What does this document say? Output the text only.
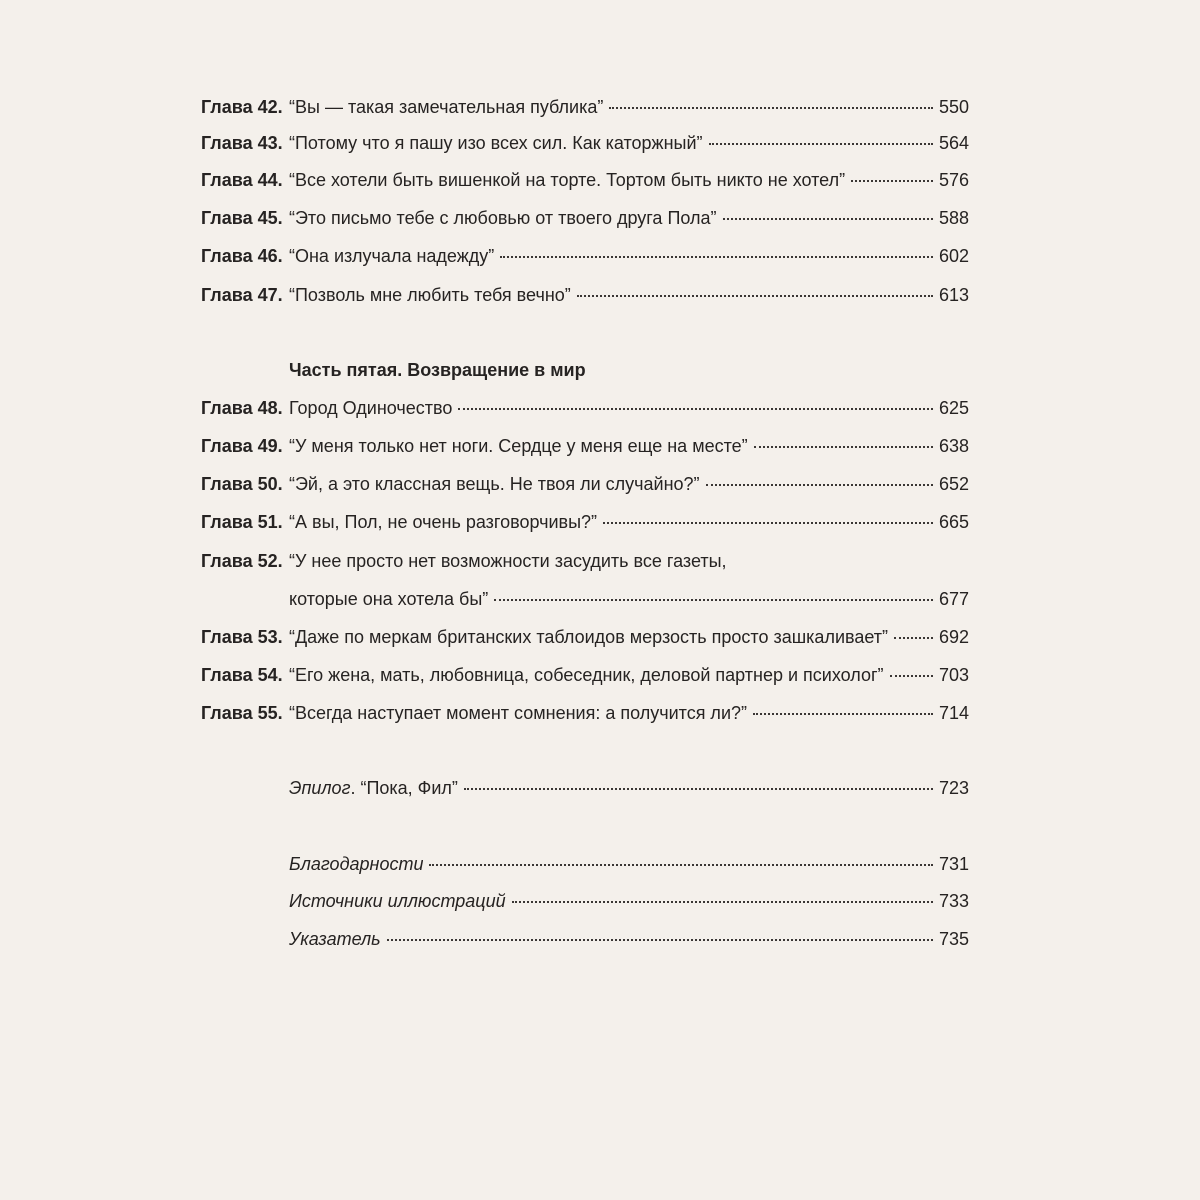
Глава 42. “Вы — такая замечательная публика”	550
Глава 43. “Потому что я пашу изо всех сил. Как каторжный”	564
Глава 44. “Все хотели быть вишенкой на торте. Тортом быть никто не хотел”	576
Глава 45. “Это письмо тебе с любовью от твоего друга Пола”	588
Глава 46. “Она излучала надежду”	602
Глава 47. “Позволь мне любить тебя вечно”	613
Часть пятая. Возвращение в мир
Глава 48. Город Одиночество	625
Глава 49. “У меня только нет ноги. Сердце у меня еще на месте”	638
Глава 50. “Эй, а это классная вещь. Не твоя ли случайно?”	652
Глава 51. “А вы, Пол, не очень разговорчивы?”	665
Глава 52. “У нее просто нет возможности засудить все газеты,
которые она хотела бы”	677
Глава 53. “Даже по меркам британских таблоидов мерзость просто зашкаливает”	692
Глава 54. “Его жена, мать, любовница, собеседник, деловой партнер и психолог”	703
Глава 55. “Всегда наступает момент сомнения: а получится ли?”	714
Эпилог. “Пока, Фил”	723
Благодарности	731
Источники иллюстраций	733
Указатель	735
